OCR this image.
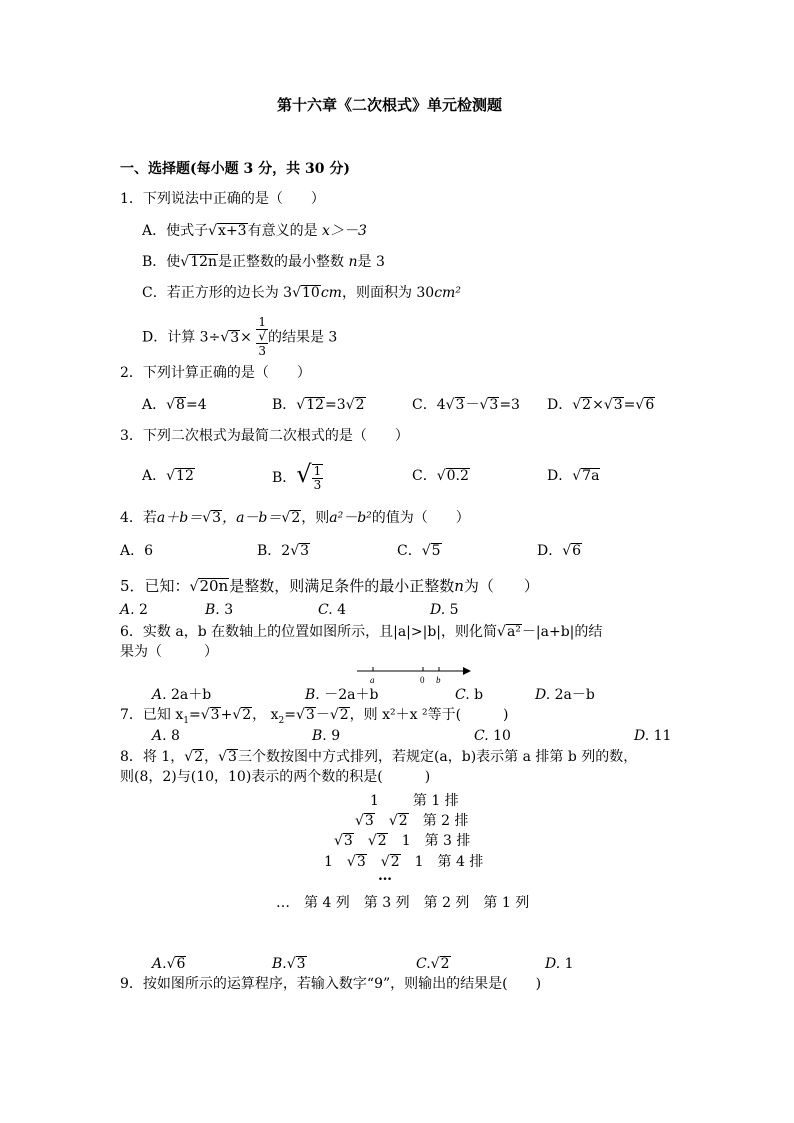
第十六章《二次根式》单元检测题
一、选择题(每小题 3 分，共 30 分)
1．下列说法中正确的是（　　）
A．使式子√x+3有意义的是 x＞－3
B．使√12n是正整数的最小整数 n是 3
C．若正方形的边长为 3√10cm，则面积为 30cm²
D．计算 3÷√3× 1
√
3 的结果是 3
2．下列计算正确的是（　　）
A．√8=4	B．√12=3√2	C．4√3－√3=3 D．√2×√3=√6
3．下列二次根式为最简二次根式的是（　　）
A．√12	B．√ $\frac{1}{3}$	C．√0.2	D．√7a
4．若a＋b＝√3，a－b＝√2，则a²－b²的值为（　　）
A．6	B．2√3	C．√5	D．√6
5．已知：√20n是整数，则满足条件的最小正整数n为（　　）
A. 2	B. 3	C. 4	D. 5
6．实数 a，b 在数轴上的位置如图所示，且|a|>|b|，则化简√a²－|a+b|的结
果为（　　　）
a	0 b
A. 2a＋b	B. －2a＋b	C. b	D. 2a－b
7．已知 $x_1=√3+√2$， $x_2=√3-√2$，则 x²＋x ²等于(　　　)
A. 8	B. 9	C. 10	D. 11
8．将 1，√2，√3三个数按图中方式排列，若规定(a，b)表示第 a 排第 b 列的数，
则(8，2)与(10，10)表示的两个数的积是(　　　)
1 第 1 排
√3　 √2　 第 2 排
√3　 √2　 1　 第 3 排
1　 √3　 √2　 1　 第 4 排
…
…　第 4 列　第 3 列　第 2 列　第 1 列
A.√6	B.√3	C.√2	D. 1
9．按如图所示的运算程序，若输入数字“9”，则输出的结果是(　　)
